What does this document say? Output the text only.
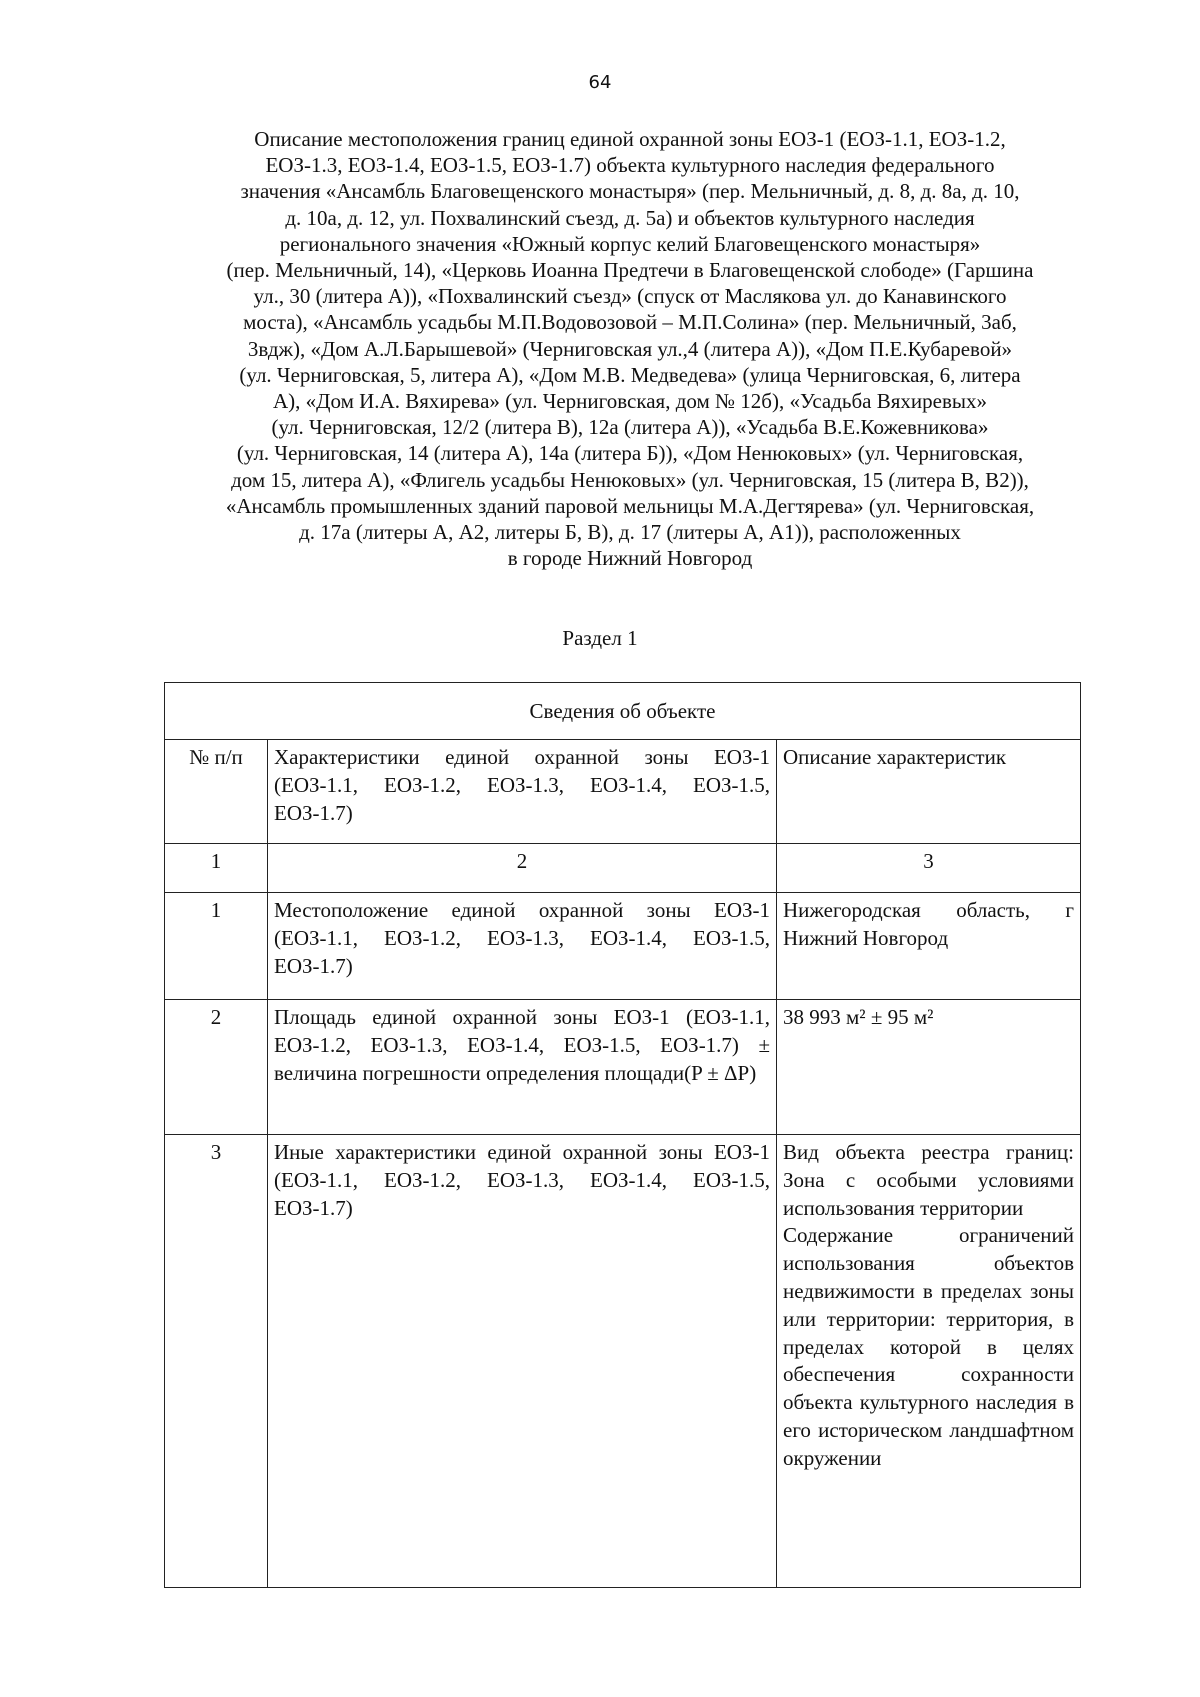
64
Описание местоположения границ единой охранной зоны ЕОЗ-1 (ЕОЗ-1.1, ЕОЗ-1.2,
ЕОЗ-1.3, ЕОЗ-1.4, ЕОЗ-1.5, ЕОЗ-1.7) объекта культурного наследия федерального
значения «Ансамбль Благовещенского монастыря» (пер. Мельничный, д. 8, д. 8а, д. 10,
д. 10а, д. 12, ул. Похвалинский съезд, д. 5а) и объектов культурного наследия
регионального значения «Южный корпус келий Благовещенского монастыря»
(пер. Мельничный, 14), «Церковь Иоанна Предтечи в Благовещенской слободе» (Гаршина
ул., 30 (литера А)), «Похвалинский съезд» (спуск от Маслякова ул. до Канавинского
моста), «Ансамбль усадьбы М.П.Водовозовой – М.П.Солина» (пер. Мельничный, 3аб,
3вдж), «Дом А.Л.Барышевой» (Черниговская ул.,4 (литера А)), «Дом П.Е.Кубаревой»
(ул. Черниговская, 5, литера А), «Дом М.В. Медведева» (улица Черниговская, 6, литера
А), «Дом И.А. Вяхирева» (ул. Черниговская, дом № 12б), «Усадьба Вяхиревых»
(ул. Черниговская, 12/2 (литера В), 12а (литера А)), «Усадьба В.Е.Кожевникова»
(ул. Черниговская, 14 (литера А), 14а (литера Б)), «Дом Ненюковых» (ул. Черниговская,
дом 15, литера А), «Флигель усадьбы Ненюковых» (ул. Черниговская, 15 (литера В, В2)),
«Ансамбль промышленных зданий паровой мельницы М.А.Дегтярева» (ул. Черниговская,
д. 17а (литеры А, А2, литеры Б, В), д. 17 (литеры А, А1)), расположенных
в городе Нижний Новгород
Раздел 1
Сведения об объекте		
№ п/п	Характеристики единой охранной зоны ЕОЗ-1 (ЕОЗ-1.1, ЕОЗ-1.2, ЕОЗ-1.3, ЕОЗ-1.4, ЕОЗ-1.5, ЕОЗ-1.7)	Описание характеристик
1	2	3
1	Местоположение единой охранной зоны ЕОЗ-1 (ЕОЗ-1.1, ЕОЗ-1.2, ЕОЗ-1.3, ЕОЗ-1.4, ЕОЗ-1.5, ЕОЗ-1.7)	Нижегородская область, г Нижний Новгород
2	Площадь единой охранной зоны ЕОЗ-1 (ЕОЗ-1.1, ЕОЗ-1.2, ЕОЗ-1.3, ЕОЗ-1.4, ЕОЗ-1.5, ЕОЗ-1.7) ± величина погрешности определения площади(P ± ΔР)	38 993 м² ± 95 м²
3	Иные характеристики единой охранной зоны ЕОЗ-1 (ЕОЗ-1.1, ЕОЗ-1.2, ЕОЗ-1.3, ЕОЗ-1.4, ЕОЗ-1.5, ЕОЗ-1.7)	Вид объекта реестра границ: Зона с особыми условиями использования территории
Содержание ограничений использования объектов недвижимости в пределах зоны или территории: территория, в пределах которой в целях обеспечения сохранности объекта культурного наследия в его историческом ландшафтном окружении
